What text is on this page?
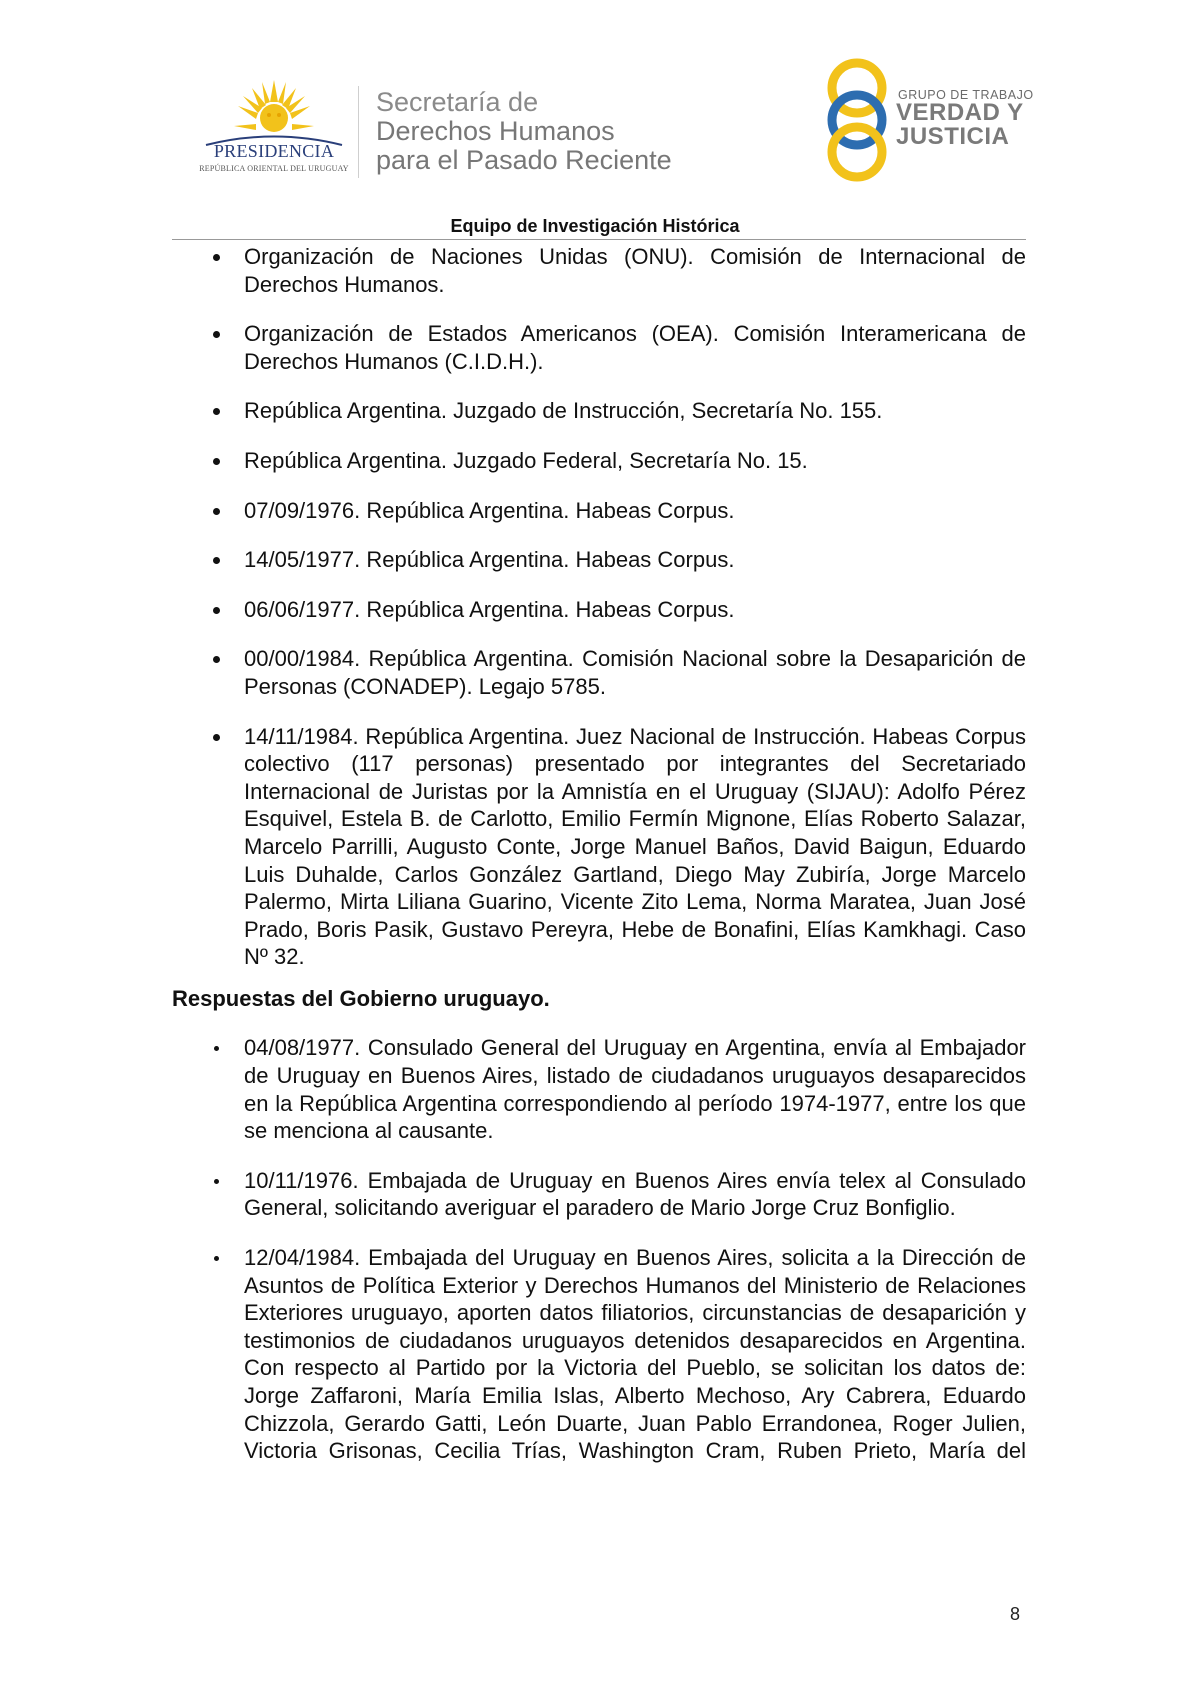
PRESIDENCIA
REPÚBLICA ORIENTAL DEL URUGUAY
Secretaría de
Derechos Humanos
para el Pasado Reciente
GRUPO DE TRABAJO
VERDAD Y
JUSTICIA
Equipo de Investigación Histórica
Organización de Naciones Unidas (ONU). Comisión de Internacional de Derechos Humanos.
Organización de Estados Americanos (OEA). Comisión Interamericana de Derechos Humanos (C.I.D.H.).
República Argentina. Juzgado de Instrucción, Secretaría No. 155.
República Argentina. Juzgado Federal, Secretaría No. 15.
07/09/1976. República Argentina. Habeas Corpus.
14/05/1977. República Argentina. Habeas Corpus.
06/06/1977. República Argentina. Habeas Corpus.
00/00/1984. República Argentina. Comisión Nacional sobre la Desaparición de Personas (CONADEP). Legajo 5785.
14/11/1984. República Argentina. Juez Nacional de Instrucción. Habeas Corpus colectivo (117 personas) presentado por integrantes del Secretariado Internacional de Juristas por la Amnistía en el Uruguay (SIJAU): Adolfo Pérez Esquivel, Estela B. de Carlotto, Emilio Fermín Mignone, Elías Roberto Salazar, Marcelo Parrilli, Augusto Conte, Jorge Manuel Baños, David Baigun, Eduardo Luis Duhalde, Carlos González Gartland, Diego May Zubiría, Jorge Marcelo Palermo, Mirta Liliana Guarino, Vicente Zito Lema, Norma Maratea, Juan José Prado, Boris Pasik, Gustavo Pereyra, Hebe de Bonafini, Elías Kamkhagi. Caso Nº 32.
Respuestas del Gobierno uruguayo.
04/08/1977. Consulado General del Uruguay en Argentina, envía al Embajador de Uruguay en Buenos Aires, listado de ciudadanos uruguayos desaparecidos en la República Argentina correspondiendo al período 1974-1977, entre los que se menciona al causante.
10/11/1976. Embajada de Uruguay en Buenos Aires envía telex al Consulado General, solicitando averiguar el paradero de Mario Jorge Cruz Bonfiglio.
12/04/1984. Embajada del Uruguay en Buenos Aires, solicita a la Dirección de Asuntos de Política Exterior y Derechos Humanos del Ministerio de Relaciones Exteriores uruguayo, aporten datos filiatorios, circunstancias de desaparición y testimonios de ciudadanos uruguayos detenidos desaparecidos en Argentina. Con respecto al Partido por la Victoria del Pueblo, se solicitan los datos de: Jorge Zaffaroni, María Emilia Islas, Alberto Mechoso, Ary Cabrera, Eduardo Chizzola, Gerardo Gatti, León Duarte, Juan Pablo Errandonea, Roger Julien, Victoria Grisonas, Cecilia Trías, Washington Cram, Ruben Prieto, María del
8
